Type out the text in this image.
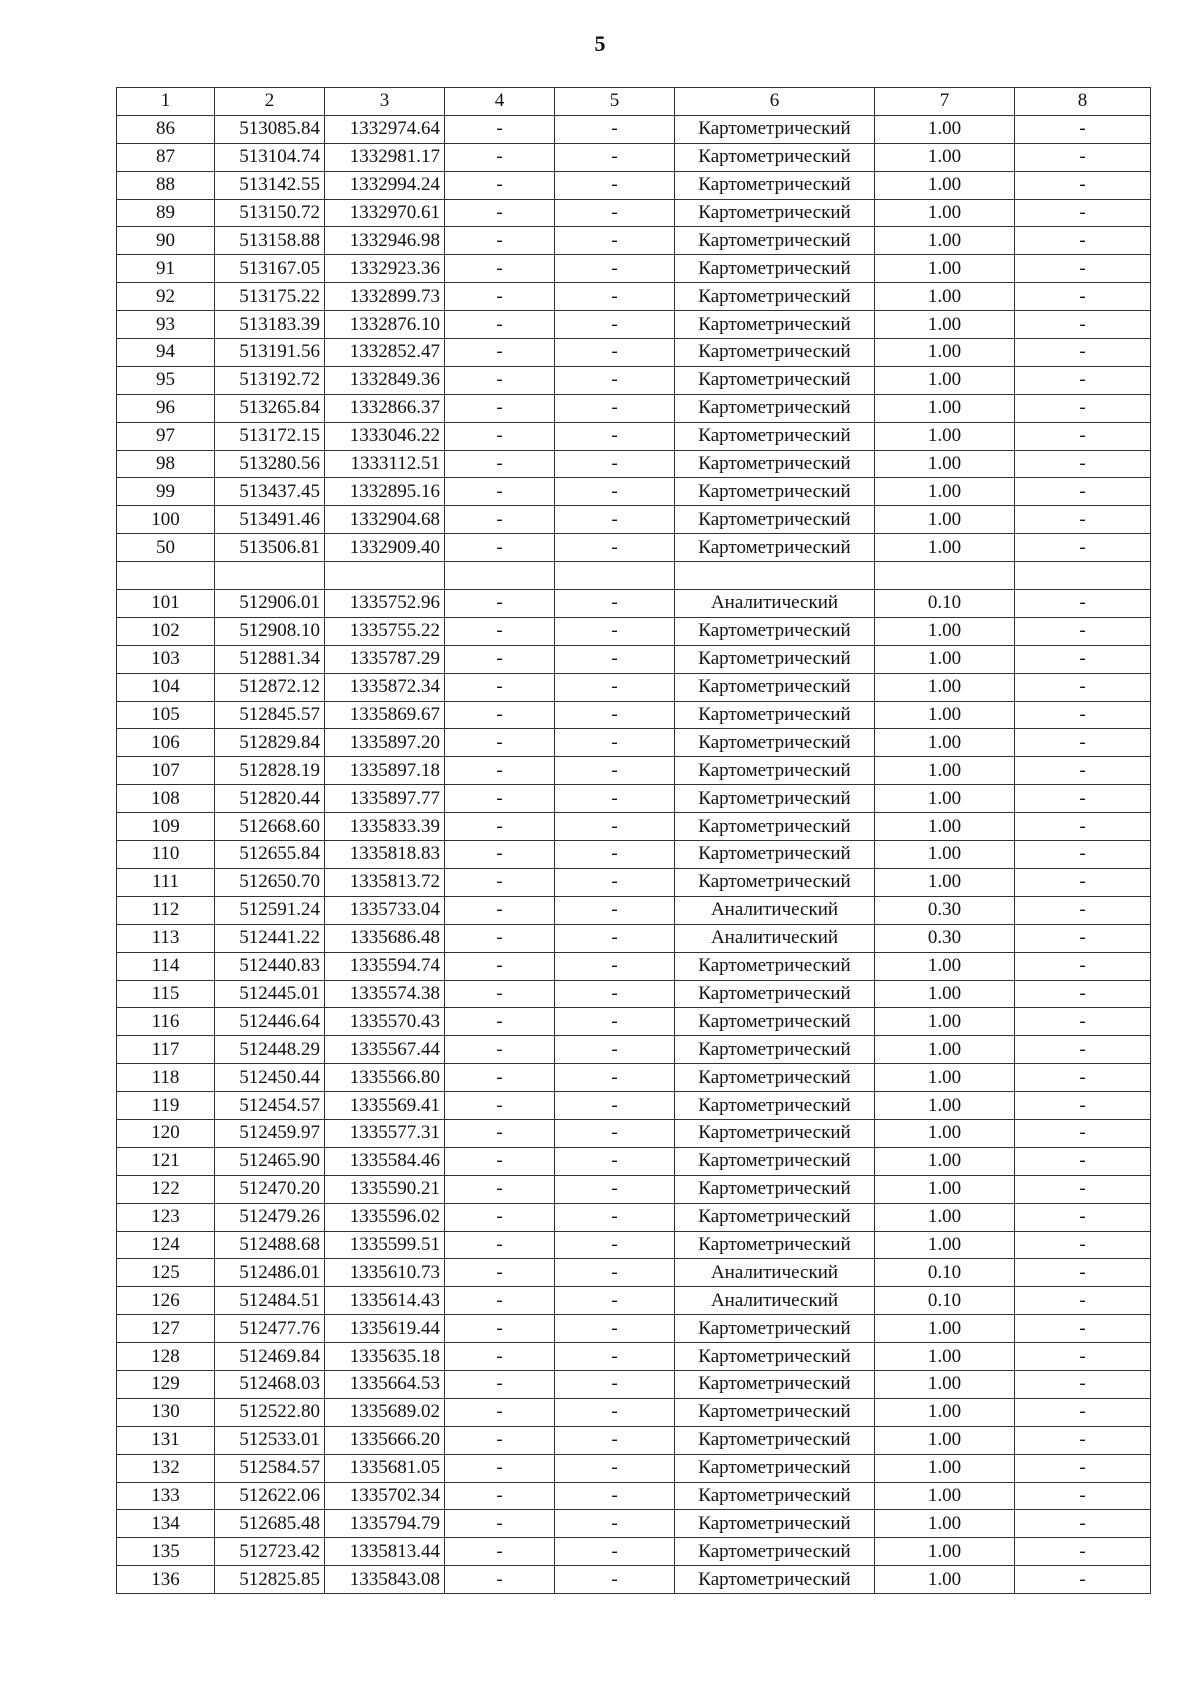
5
1	2	3	4	5	6	7	8
86	513085.84	1332974.64	-	-	Картометрический	1.00	-
87	513104.74	1332981.17	-	-	Картометрический	1.00	-
88	513142.55	1332994.24	-	-	Картометрический	1.00	-
89	513150.72	1332970.61	-	-	Картометрический	1.00	-
90	513158.88	1332946.98	-	-	Картометрический	1.00	-
91	513167.05	1332923.36	-	-	Картометрический	1.00	-
92	513175.22	1332899.73	-	-	Картометрический	1.00	-
93	513183.39	1332876.10	-	-	Картометрический	1.00	-
94	513191.56	1332852.47	-	-	Картометрический	1.00	-
95	513192.72	1332849.36	-	-	Картометрический	1.00	-
96	513265.84	1332866.37	-	-	Картометрический	1.00	-
97	513172.15	1333046.22	-	-	Картометрический	1.00	-
98	513280.56	1333112.51	-	-	Картометрический	1.00	-
99	513437.45	1332895.16	-	-	Картометрический	1.00	-
100	513491.46	1332904.68	-	-	Картометрический	1.00	-
50	513506.81	1332909.40	-	-	Картометрический	1.00	-

101	512906.01	1335752.96	-	-	Аналитический	0.10	-
102	512908.10	1335755.22	-	-	Картометрический	1.00	-
103	512881.34	1335787.29	-	-	Картометрический	1.00	-
104	512872.12	1335872.34	-	-	Картометрический	1.00	-
105	512845.57	1335869.67	-	-	Картометрический	1.00	-
106	512829.84	1335897.20	-	-	Картометрический	1.00	-
107	512828.19	1335897.18	-	-	Картометрический	1.00	-
108	512820.44	1335897.77	-	-	Картометрический	1.00	-
109	512668.60	1335833.39	-	-	Картометрический	1.00	-
110	512655.84	1335818.83	-	-	Картометрический	1.00	-
111	512650.70	1335813.72	-	-	Картометрический	1.00	-
112	512591.24	1335733.04	-	-	Аналитический	0.30	-
113	512441.22	1335686.48	-	-	Аналитический	0.30	-
114	512440.83	1335594.74	-	-	Картометрический	1.00	-
115	512445.01	1335574.38	-	-	Картометрический	1.00	-
116	512446.64	1335570.43	-	-	Картометрический	1.00	-
117	512448.29	1335567.44	-	-	Картометрический	1.00	-
118	512450.44	1335566.80	-	-	Картометрический	1.00	-
119	512454.57	1335569.41	-	-	Картометрический	1.00	-
120	512459.97	1335577.31	-	-	Картометрический	1.00	-
121	512465.90	1335584.46	-	-	Картометрический	1.00	-
122	512470.20	1335590.21	-	-	Картометрический	1.00	-
123	512479.26	1335596.02	-	-	Картометрический	1.00	-
124	512488.68	1335599.51	-	-	Картометрический	1.00	-
125	512486.01	1335610.73	-	-	Аналитический	0.10	-
126	512484.51	1335614.43	-	-	Аналитический	0.10	-
127	512477.76	1335619.44	-	-	Картометрический	1.00	-
128	512469.84	1335635.18	-	-	Картометрический	1.00	-
129	512468.03	1335664.53	-	-	Картометрический	1.00	-
130	512522.80	1335689.02	-	-	Картометрический	1.00	-
131	512533.01	1335666.20	-	-	Картометрический	1.00	-
132	512584.57	1335681.05	-	-	Картометрический	1.00	-
133	512622.06	1335702.34	-	-	Картометрический	1.00	-
134	512685.48	1335794.79	-	-	Картометрический	1.00	-
135	512723.42	1335813.44	-	-	Картометрический	1.00	-
136	512825.85	1335843.08	-	-	Картометрический	1.00	-
